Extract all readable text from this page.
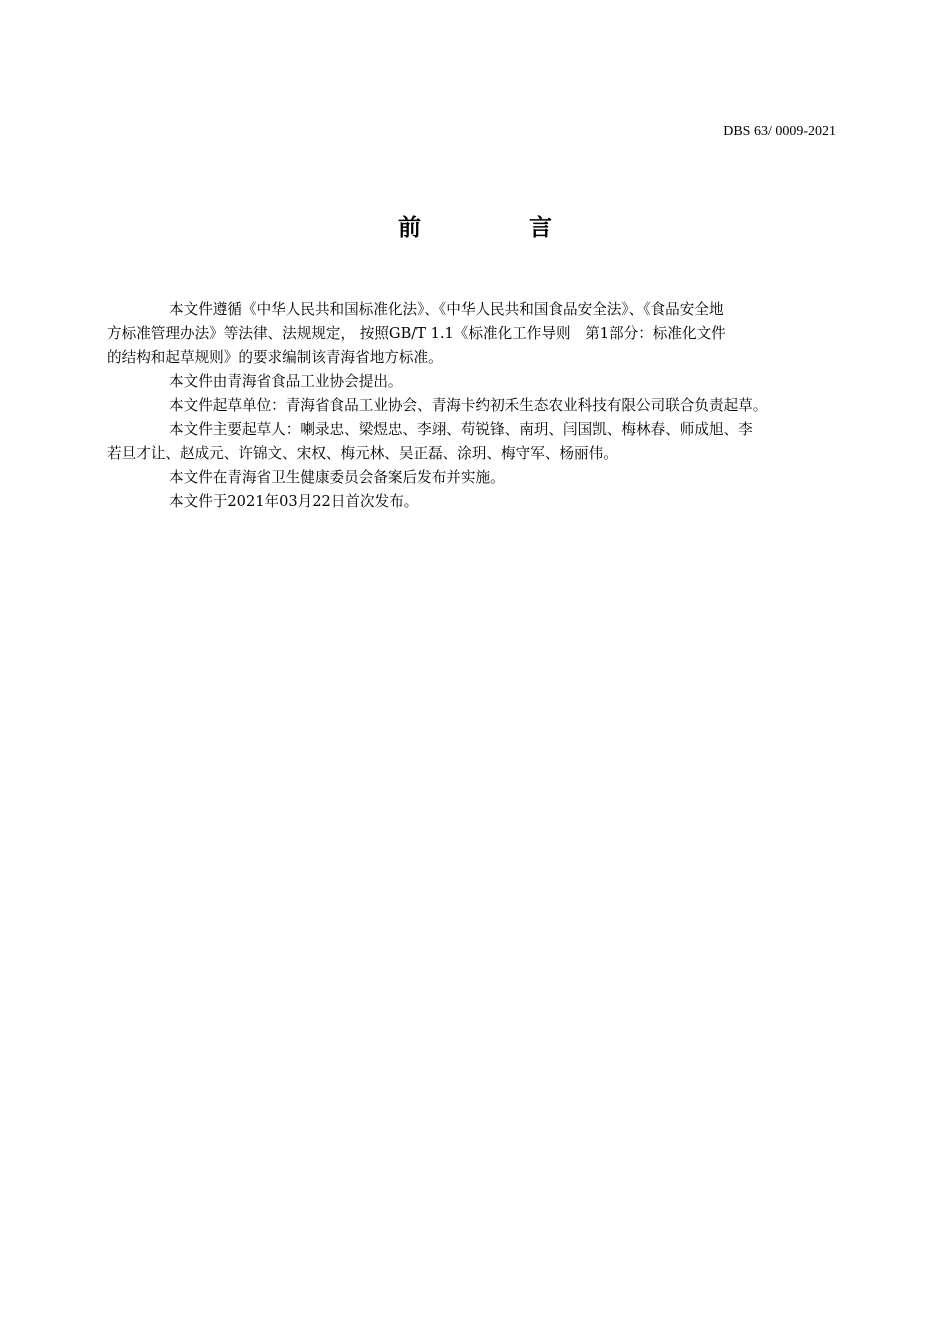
DBS 63/ 0009-2021
前 言

本文件遵循《中华人民共和国标准化法》、《中华人民共和国食品安全法》、《食品安全地
方标准管理办法》等法律、法规规定， 按照GB/T 1.1《标准化工作导则　第1部分：标准化文件
的结构和起草规则》的要求编制该青海省地方标准。

本文件由青海省食品工业协会提出。

本文件起草单位：青海省食品工业协会、青海卡约初禾生态农业科技有限公司联合负责起草。

本文件主要起草人：喇录忠、梁煜忠、李翊、苟锐锋、南玥、闫国凯、梅林春、师成旭、李
若旦才让、赵成元、许锦文、宋权、梅元林、吴正磊、涂玥、梅守军、杨丽伟。

本文件在青海省卫生健康委员会备案后发布并实施。

本文件于2021年03月22日首次发布。
